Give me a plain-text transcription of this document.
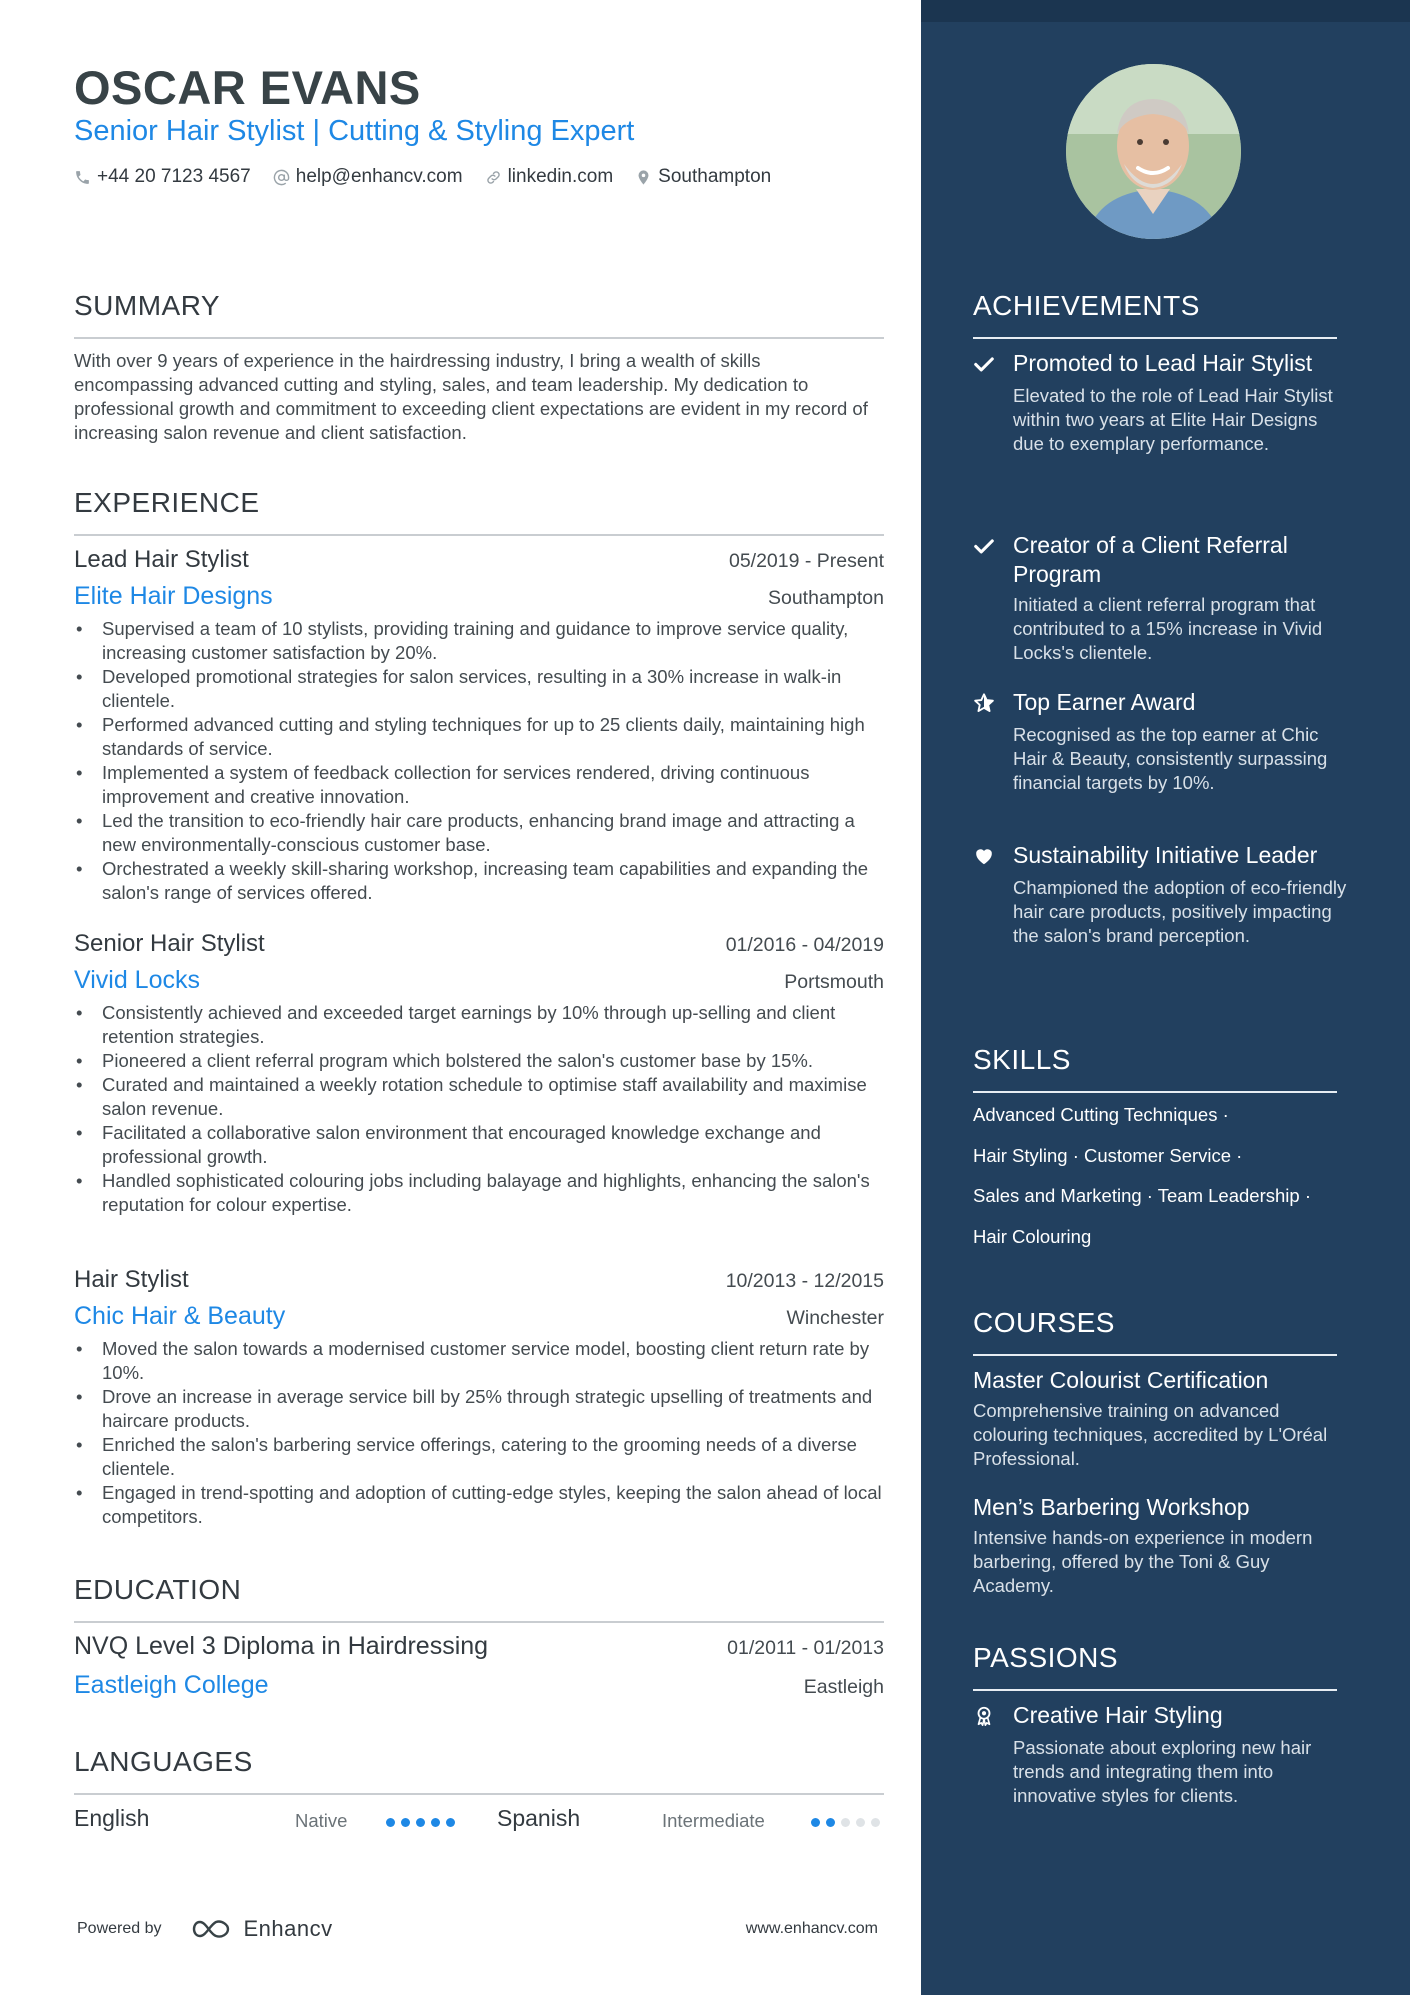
OSCAR EVANS
Senior Hair Stylist | Cutting & Styling Expert
+44 20 7123 4567 help@enhancv.com linkedin.com Southampton
SUMMARY

With over 9 years of experience in the hairdressing industry, I bring a wealth of skills encompassing advanced cutting and styling, sales, and team leadership. My dedication to professional growth and commitment to exceeding client expectations are evident in my record of increasing salon revenue and client satisfaction.

EXPERIENCE
Lead Hair Stylist	05/2019 - Present
Elite Hair Designs	Southampton
• Supervised a team of 10 stylists, providing training and guidance to improve service quality, increasing customer satisfaction by 20%.
• Developed promotional strategies for salon services, resulting in a 30% increase in walk-in clientele.
• Performed advanced cutting and styling techniques for up to 25 clients daily, maintaining high standards of service.
• Implemented a system of feedback collection for services rendered, driving continuous improvement and creative innovation.
• Led the transition to eco-friendly hair care products, enhancing brand image and attracting a new environmentally-conscious customer base.
• Orchestrated a weekly skill-sharing workshop, increasing team capabilities and expanding the salon's range of services offered.
Senior Hair Stylist	01/2016 - 04/2019
Vivid Locks	Portsmouth
• Consistently achieved and exceeded target earnings by 10% through up-selling and client retention strategies.
• Pioneered a client referral program which bolstered the salon's customer base by 15%.
• Curated and maintained a weekly rotation schedule to optimise staff availability and maximise salon revenue.
• Facilitated a collaborative salon environment that encouraged knowledge exchange and professional growth.
• Handled sophisticated colouring jobs including balayage and highlights, enhancing the salon's reputation for colour expertise.
Hair Stylist	10/2013 - 12/2015
Chic Hair & Beauty	Winchester
• Moved the salon towards a modernised customer service model, boosting client return rate by 10%.
• Drove an increase in average service bill by 25% through strategic upselling of treatments and haircare products.
• Enriched the salon's barbering service offerings, catering to the grooming needs of a diverse clientele.
• Engaged in trend-spotting and adoption of cutting-edge styles, keeping the salon ahead of local competitors.
EDUCATION
NVQ Level 3 Diploma in Hairdressing	01/2011 - 01/2013
Eastleigh College	Eastleigh
LANGUAGES
English	Native	Spanish	Intermediate
Powered by	Enhancv	www.enhancv.com
ACHIEVEMENTS
Promoted to Lead Hair Stylist
Elevated to the role of Lead Hair Stylist within two years at Elite Hair Designs due to exemplary performance.
Creator of a Client Referral Program
Initiated a client referral program that contributed to a 15% increase in Vivid Locks's clientele.
Top Earner Award
Recognised as the top earner at Chic Hair & Beauty, consistently surpassing financial targets by 10%.
Sustainability Initiative Leader
Championed the adoption of eco-friendly hair care products, positively impacting the salon's brand perception.
SKILLS
Advanced Cutting Techniques ·
Hair Styling · Customer Service ·
Sales and Marketing · Team Leadership ·
Hair Colouring
COURSES
Master Colourist Certification
Comprehensive training on advanced colouring techniques, accredited by L'Oréal Professional.
Men’s Barbering Workshop
Intensive hands-on experience in modern barbering, offered by the Toni & Guy Academy.
PASSIONS
Creative Hair Styling
Passionate about exploring new hair trends and integrating them into innovative styles for clients.
